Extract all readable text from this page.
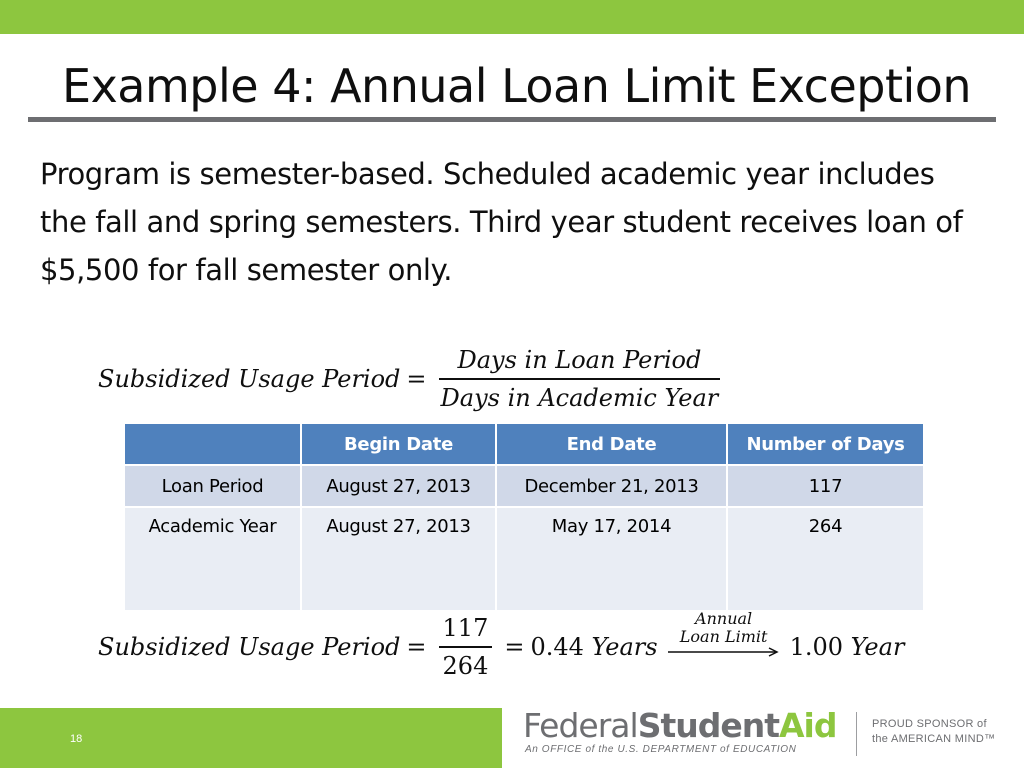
Example 4: Annual Loan Limit Exception

Program is semester-based. Scheduled academic year includes the fall and spring semesters. Third year student receives loan of $5,500 for fall semester only.

Subsidized Usage Period = $\frac{\text{Days in Loan Period}}{\text{Days in Academic Year}}$
	Begin Date	End Date	Number of Days
Loan Period	August 27, 2013	December 21, 2013	117
Academic Year	August 27, 2013	May 17, 2014	264
Subsidized Usage Period = $\frac{117}{264} = 0.44$
Years
Annual
Loan Limit 1.00
Year
18	FederalStudentAid
An OFFICE of the U.S. DEPARTMENT of EDUCATION
PROUD SPONSOR of
the AMERICAN MIND™
